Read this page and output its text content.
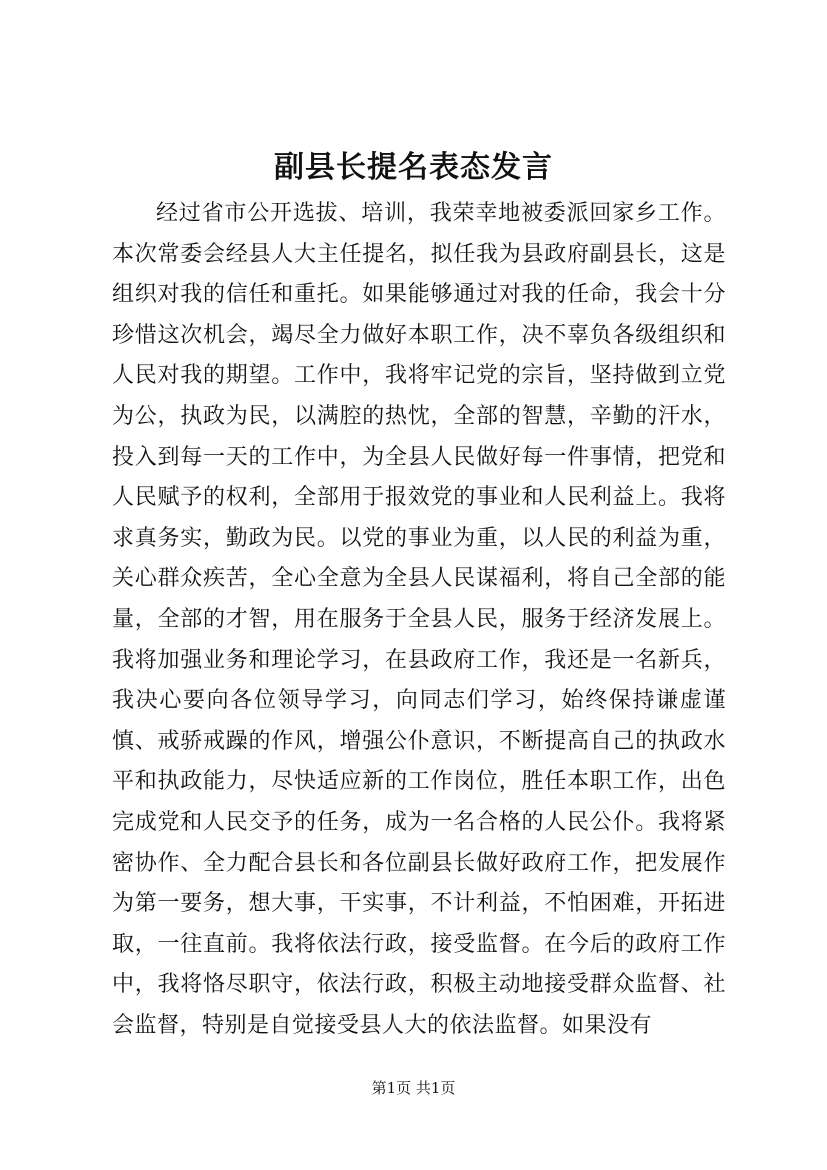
副县长提名表态发言

经过省市公开选拔、培训，我荣幸地被委派回家乡工作。本次常委会经县人大主任提名，拟任我为县政府副县长，这是组织对我的信任和重托。如果能够通过对我的任命，我会十分珍惜这次机会，竭尽全力做好本职工作，决不辜负各级组织和人民对我的期望。工作中，我将牢记党的宗旨，坚持做到立党为公，执政为民，以满腔的热忱，全部的智慧，辛勤的汗水，投入到每一天的工作中，为全县人民做好每一件事情，把党和人民赋予的权利，全部用于报效党的事业和人民利益上。我将求真务实，勤政为民。以党的事业为重，以人民的利益为重，关心群众疾苦，全心全意为全县人民谋福利，将自己全部的能量，全部的才智，用在服务于全县人民，服务于经济发展上。我将加强业务和理论学习，在县政府工作，我还是一名新兵，我决心要向各位领导学习，向同志们学习，始终保持谦虚谨慎、戒骄戒躁的作风，增强公仆意识，不断提高自己的执政水平和执政能力，尽快适应新的工作岗位，胜任本职工作，出色完成党和人民交予的任务，成为一名合格的人民公仆。我将紧密协作、全力配合县长和各位副县长做好政府工作，把发展作为第一要务，想大事，干实事，不计利益，不怕困难，开拓进取，一往直前。我将依法行政，接受监督。在今后的政府工作中，我将恪尽职守，依法行政，积极主动地接受群众监督、社会监督，特别是自觉接受县人大的依法监督。如果没有

第1页 共1页
